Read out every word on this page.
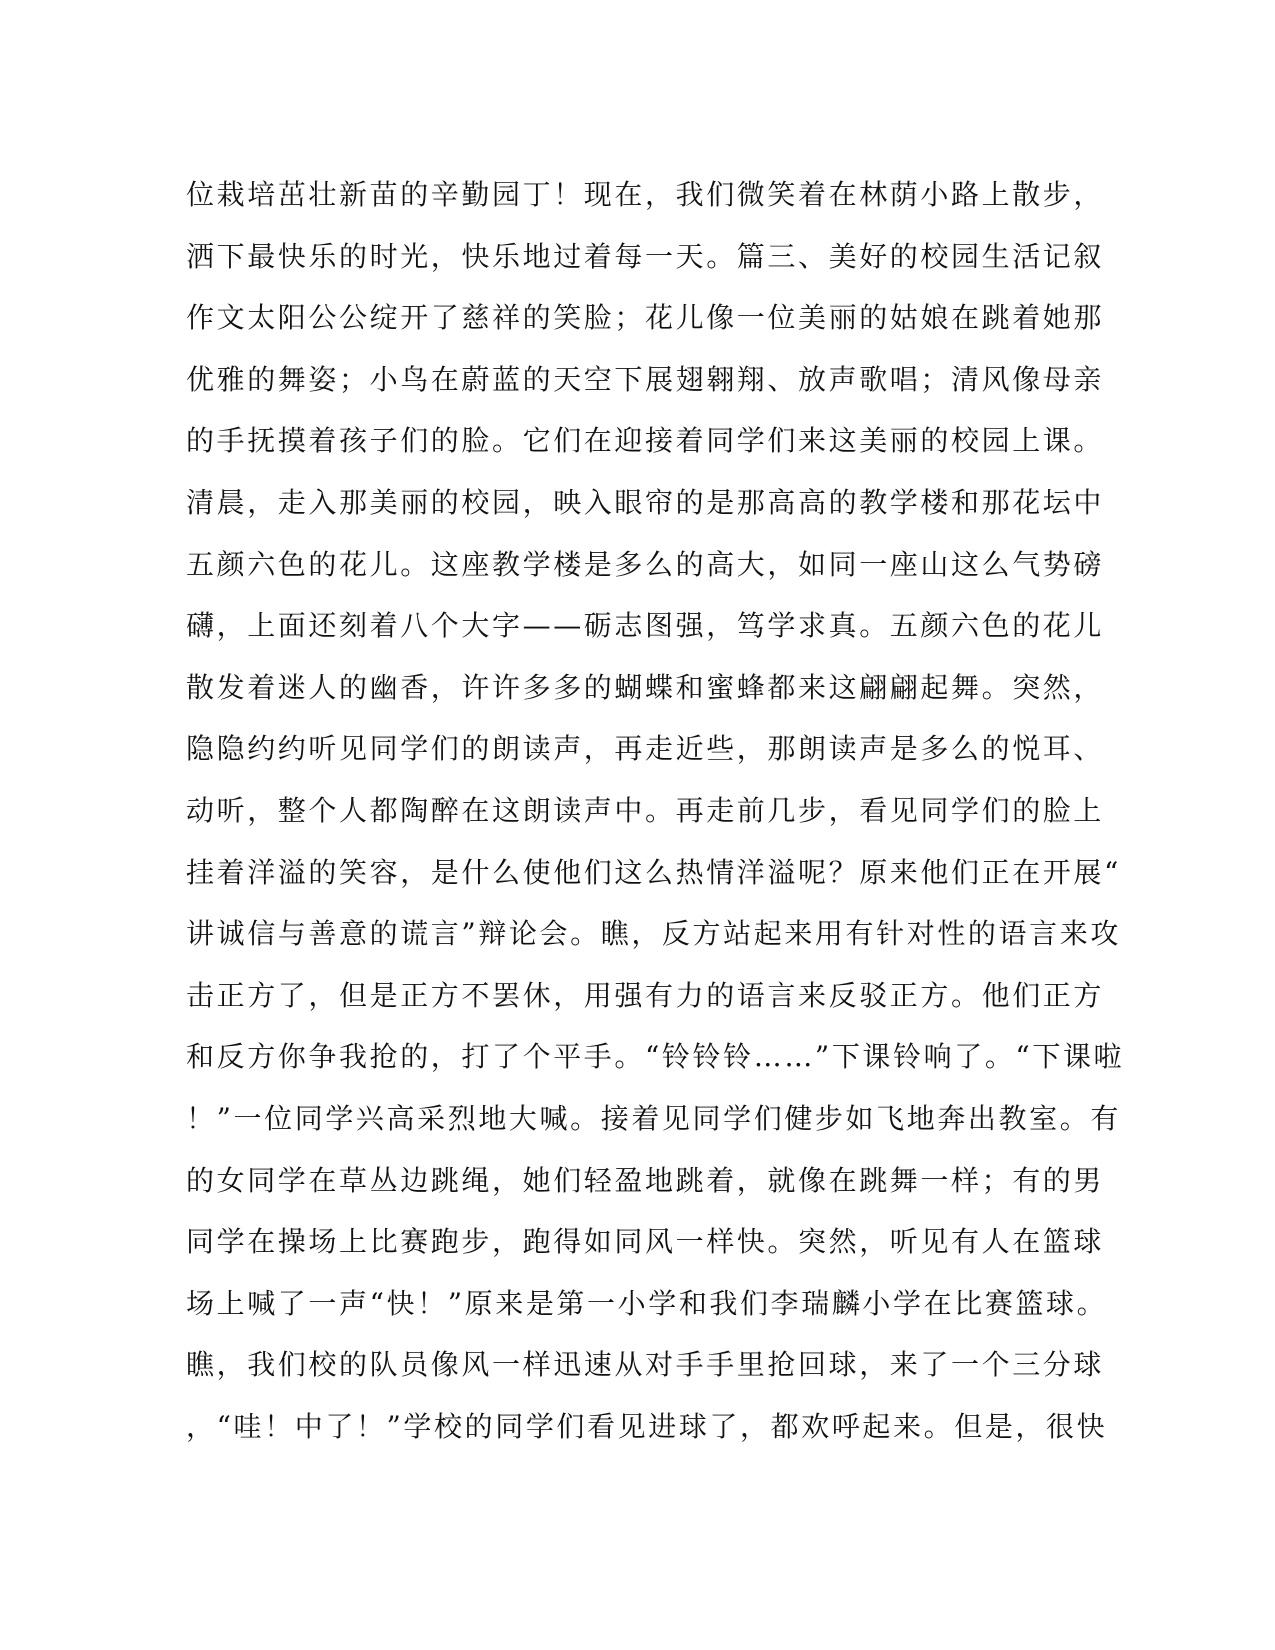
位栽培茁壮新苗的辛勤园丁！现在，我们微笑着在林荫小路上散步，
洒下最快乐的时光，快乐地过着每一天。篇三、美好的校园生活记叙
作文太阳公公绽开了慈祥的笑脸；花儿像一位美丽的姑娘在跳着她那
优雅的舞姿；小鸟在蔚蓝的天空下展翅翱翔、放声歌唱；清风像母亲
的手抚摸着孩子们的脸。它们在迎接着同学们来这美丽的校园上课。
清晨，走入那美丽的校园，映入眼帘的是那高高的教学楼和那花坛中
五颜六色的花儿。这座教学楼是多么的高大，如同一座山这么气势磅
礴，上面还刻着八个大字——砺志图强，笃学求真。五颜六色的花儿
散发着迷人的幽香，许许多多的蝴蝶和蜜蜂都来这翩翩起舞。突然，
隐隐约约听见同学们的朗读声，再走近些，那朗读声是多么的悦耳、
动听，整个人都陶醉在这朗读声中。再走前几步，看见同学们的脸上
挂着洋溢的笑容，是什么使他们这么热情洋溢呢？原来他们正在开展“
讲诚信与善意的谎言”辩论会。瞧，反方站起来用有针对性的语言来攻
击正方了，但是正方不罢休，用强有力的语言来反驳正方。他们正方
和反方你争我抢的，打了个平手。“铃铃铃……”下课铃响了。“下课啦
！”一位同学兴高采烈地大喊。接着见同学们健步如飞地奔出教室。有
的女同学在草丛边跳绳，她们轻盈地跳着，就像在跳舞一样；有的男
同学在操场上比赛跑步，跑得如同风一样快。突然，听见有人在篮球
场上喊了一声“快！”原来是第一小学和我们李瑞麟小学在比赛篮球。
瞧，我们校的队员像风一样迅速从对手手里抢回球，来了一个三分球
，“哇！中了！”学校的同学们看见进球了，都欢呼起来。但是，很快
